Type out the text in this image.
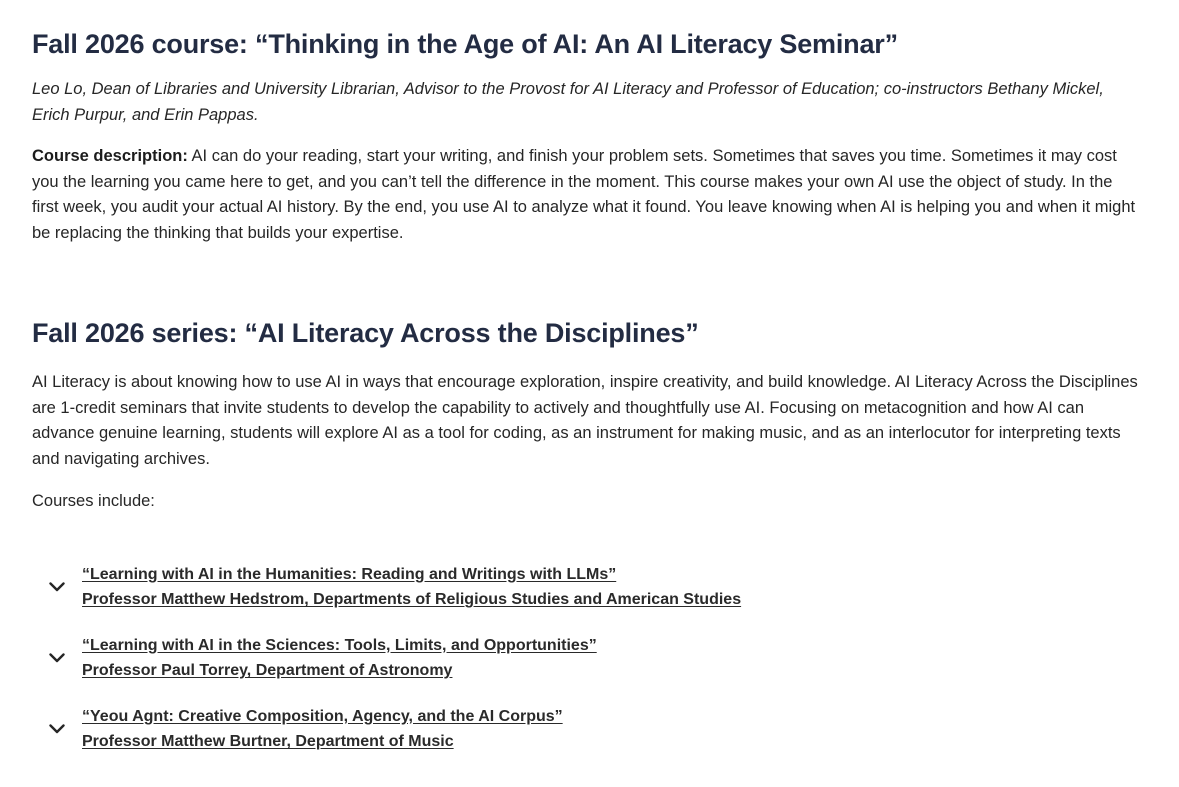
Fall 2026 course: “Thinking in the Age of AI: An AI Literacy Seminar”

Leo Lo, Dean of Libraries and University Librarian, Advisor to the Provost for AI Literacy and Professor of Education; co-instructors Bethany Mickel, Erich Purpur, and Erin Pappas.

Course description: AI can do your reading, start your writing, and finish your problem sets. Sometimes that saves you time. Sometimes it may cost you the learning you came here to get, and you can’t tell the difference in the moment. This course makes your own AI use the object of study. In the first week, you audit your actual AI history. By the end, you use AI to analyze what it found. You leave knowing when AI is helping you and when it might be replacing the thinking that builds your expertise.

Fall 2026 series: “AI Literacy Across the Disciplines”

AI Literacy is about knowing how to use AI in ways that encourage exploration, inspire creativity, and build knowledge. AI Literacy Across the Disciplines are 1-credit seminars that invite students to develop the capability to actively and thoughtfully use AI. Focusing on metacognition and how AI can advance genuine learning, students will explore AI as a tool for coding, as an instrument for making music, and as an interlocutor for interpreting texts and navigating archives.

Courses include:

“Learning with AI in the Humanities: Reading and Writings with LLMs”
Professor Matthew Hedstrom, Departments of Religious Studies and American Studies
“Learning with AI in the Sciences: Tools, Limits, and Opportunities”
Professor Paul Torrey, Department of Astronomy
“Yeou Agnt: Creative Composition, Agency, and the AI Corpus”
Professor Matthew Burtner, Department of Music
